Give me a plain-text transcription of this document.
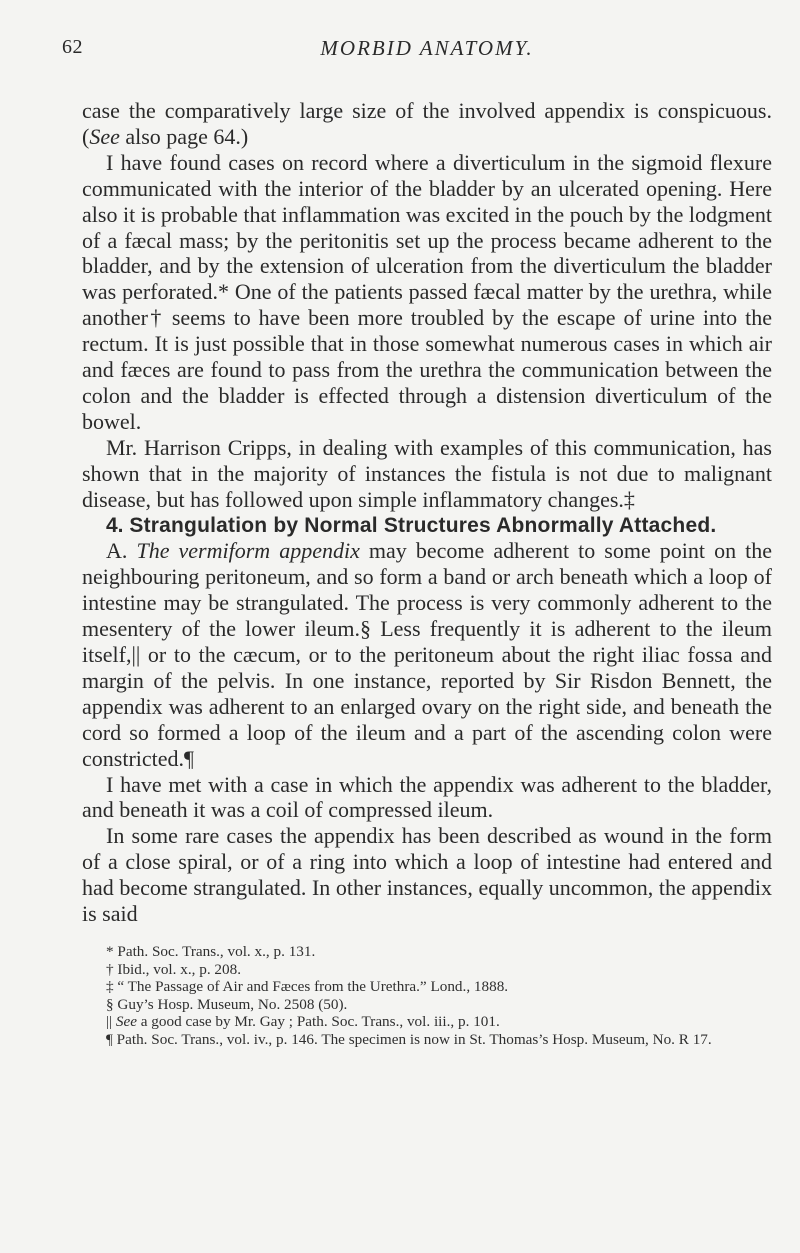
62	MORBID ANATOMY.

case the comparatively large size of the involved appendix is conspicuous. (See also page 64.)

I have found cases on record where a diverticulum in the sigmoid flexure communicated with the interior of the bladder by an ulcerated opening. Here also it is probable that inflammation was excited in the pouch by the lodgment of a fæcal mass; by the peritonitis set up the process became adherent to the bladder, and by the extension of ulceration from the diverticulum the bladder was perforated.* One of the patients passed fæcal matter by the urethra, while another† seems to have been more troubled by the escape of urine into the rectum. It is just possible that in those somewhat numerous cases in which air and fæces are found to pass from the urethra the communication between the colon and the bladder is effected through a distension diverticulum of the bowel.

Mr. Harrison Cripps, in dealing with examples of this communication, has shown that in the majority of instances the fistula is not due to malignant disease, but has followed upon simple inflammatory changes.‡

4. Strangulation by Normal Structures Abnormally Attached.

A. The vermiform appendix may become adherent to some point on the neighbouring peritoneum, and so form a band or arch beneath which a loop of intestine may be strangulated. The process is very commonly adherent to the mesentery of the lower ileum.§ Less frequently it is adherent to the ileum itself,|| or to the cæcum, or to the peritoneum about the right iliac fossa and margin of the pelvis. In one instance, reported by Sir Risdon Bennett, the appendix was adherent to an enlarged ovary on the right side, and beneath the cord so formed a loop of the ileum and a part of the ascending colon were constricted.¶

I have met with a case in which the appendix was adherent to the bladder, and beneath it was a coil of compressed ileum.

In some rare cases the appendix has been described as wound in the form of a close spiral, or of a ring into which a loop of intestine had entered and had become strangulated. In other instances, equally uncommon, the appendix is said

* Path. Soc. Trans., vol. x., p. 131.

† Ibid., vol. x., p. 208.

‡ “ The Passage of Air and Fæces from the Urethra.” Lond., 1888.

§ Guy’s Hosp. Museum, No. 2508 (50).

|| See a good case by Mr. Gay ; Path. Soc. Trans., vol. iii., p. 101.

¶ Path. Soc. Trans., vol. iv., p. 146. The specimen is now in St. Thomas’s Hosp. Museum, No. R 17.
